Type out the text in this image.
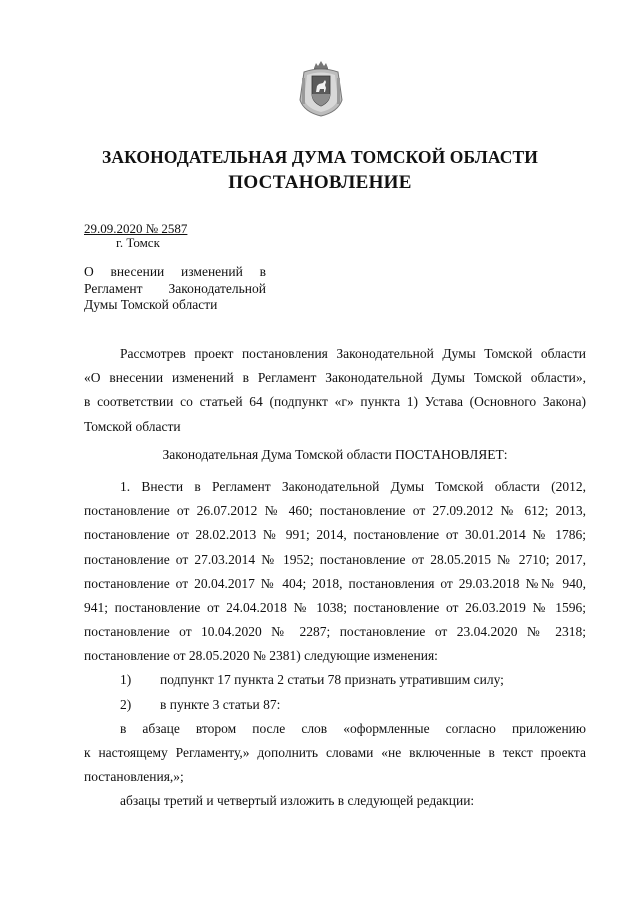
ЗАКОНОДАТЕЛЬНАЯ ДУМА ТОМСКОЙ ОБЛАСТИ
ПОСТАНОВЛЕНИЕ
29.09.2020 № 2587
г. Томск
О внесении изменений в
Регламент Законодательной
Думы Томской области
Рассмотрев проект постановления Законодательной Думы Томской области
«О внесении изменений в Регламент Законодательной Думы Томской области»,
в соответствии со статьей 64 (подпункт «г» пункта 1) Устава (Основного Закона)
Томской области
Законодательная Дума Томской области ПОСТАНОВЛЯЕТ:
1. Внести в Регламент Законодательной Думы Томской области (2012,
постановление от 26.07.2012 № 460; постановление от 27.09.2012 № 612; 2013,
постановление от 28.02.2013 № 991; 2014, постановление от 30.01.2014 № 1786;
постановление от 27.03.2014 № 1952; постановление от 28.05.2015 № 2710; 2017,
постановление от 20.04.2017 № 404; 2018, постановления от 29.03.2018 №№ 940,
941; постановление от 24.04.2018 № 1038; постановление от 26.03.2019 № 1596;
постановление от 10.04.2020 № 2287; постановление от 23.04.2020 № 2318;
постановление от 28.05.2020 № 2381) следующие изменения:
1) подпункт 17 пункта 2 статьи 78 признать утратившим силу;
2) в пункте 3 статьи 87:
в абзаце втором после слов «оформленные согласно приложению
к настоящему Регламенту,» дополнить словами «не включенные в текст проекта
постановления,»;
абзацы третий и четвертый изложить в следующей редакции:
